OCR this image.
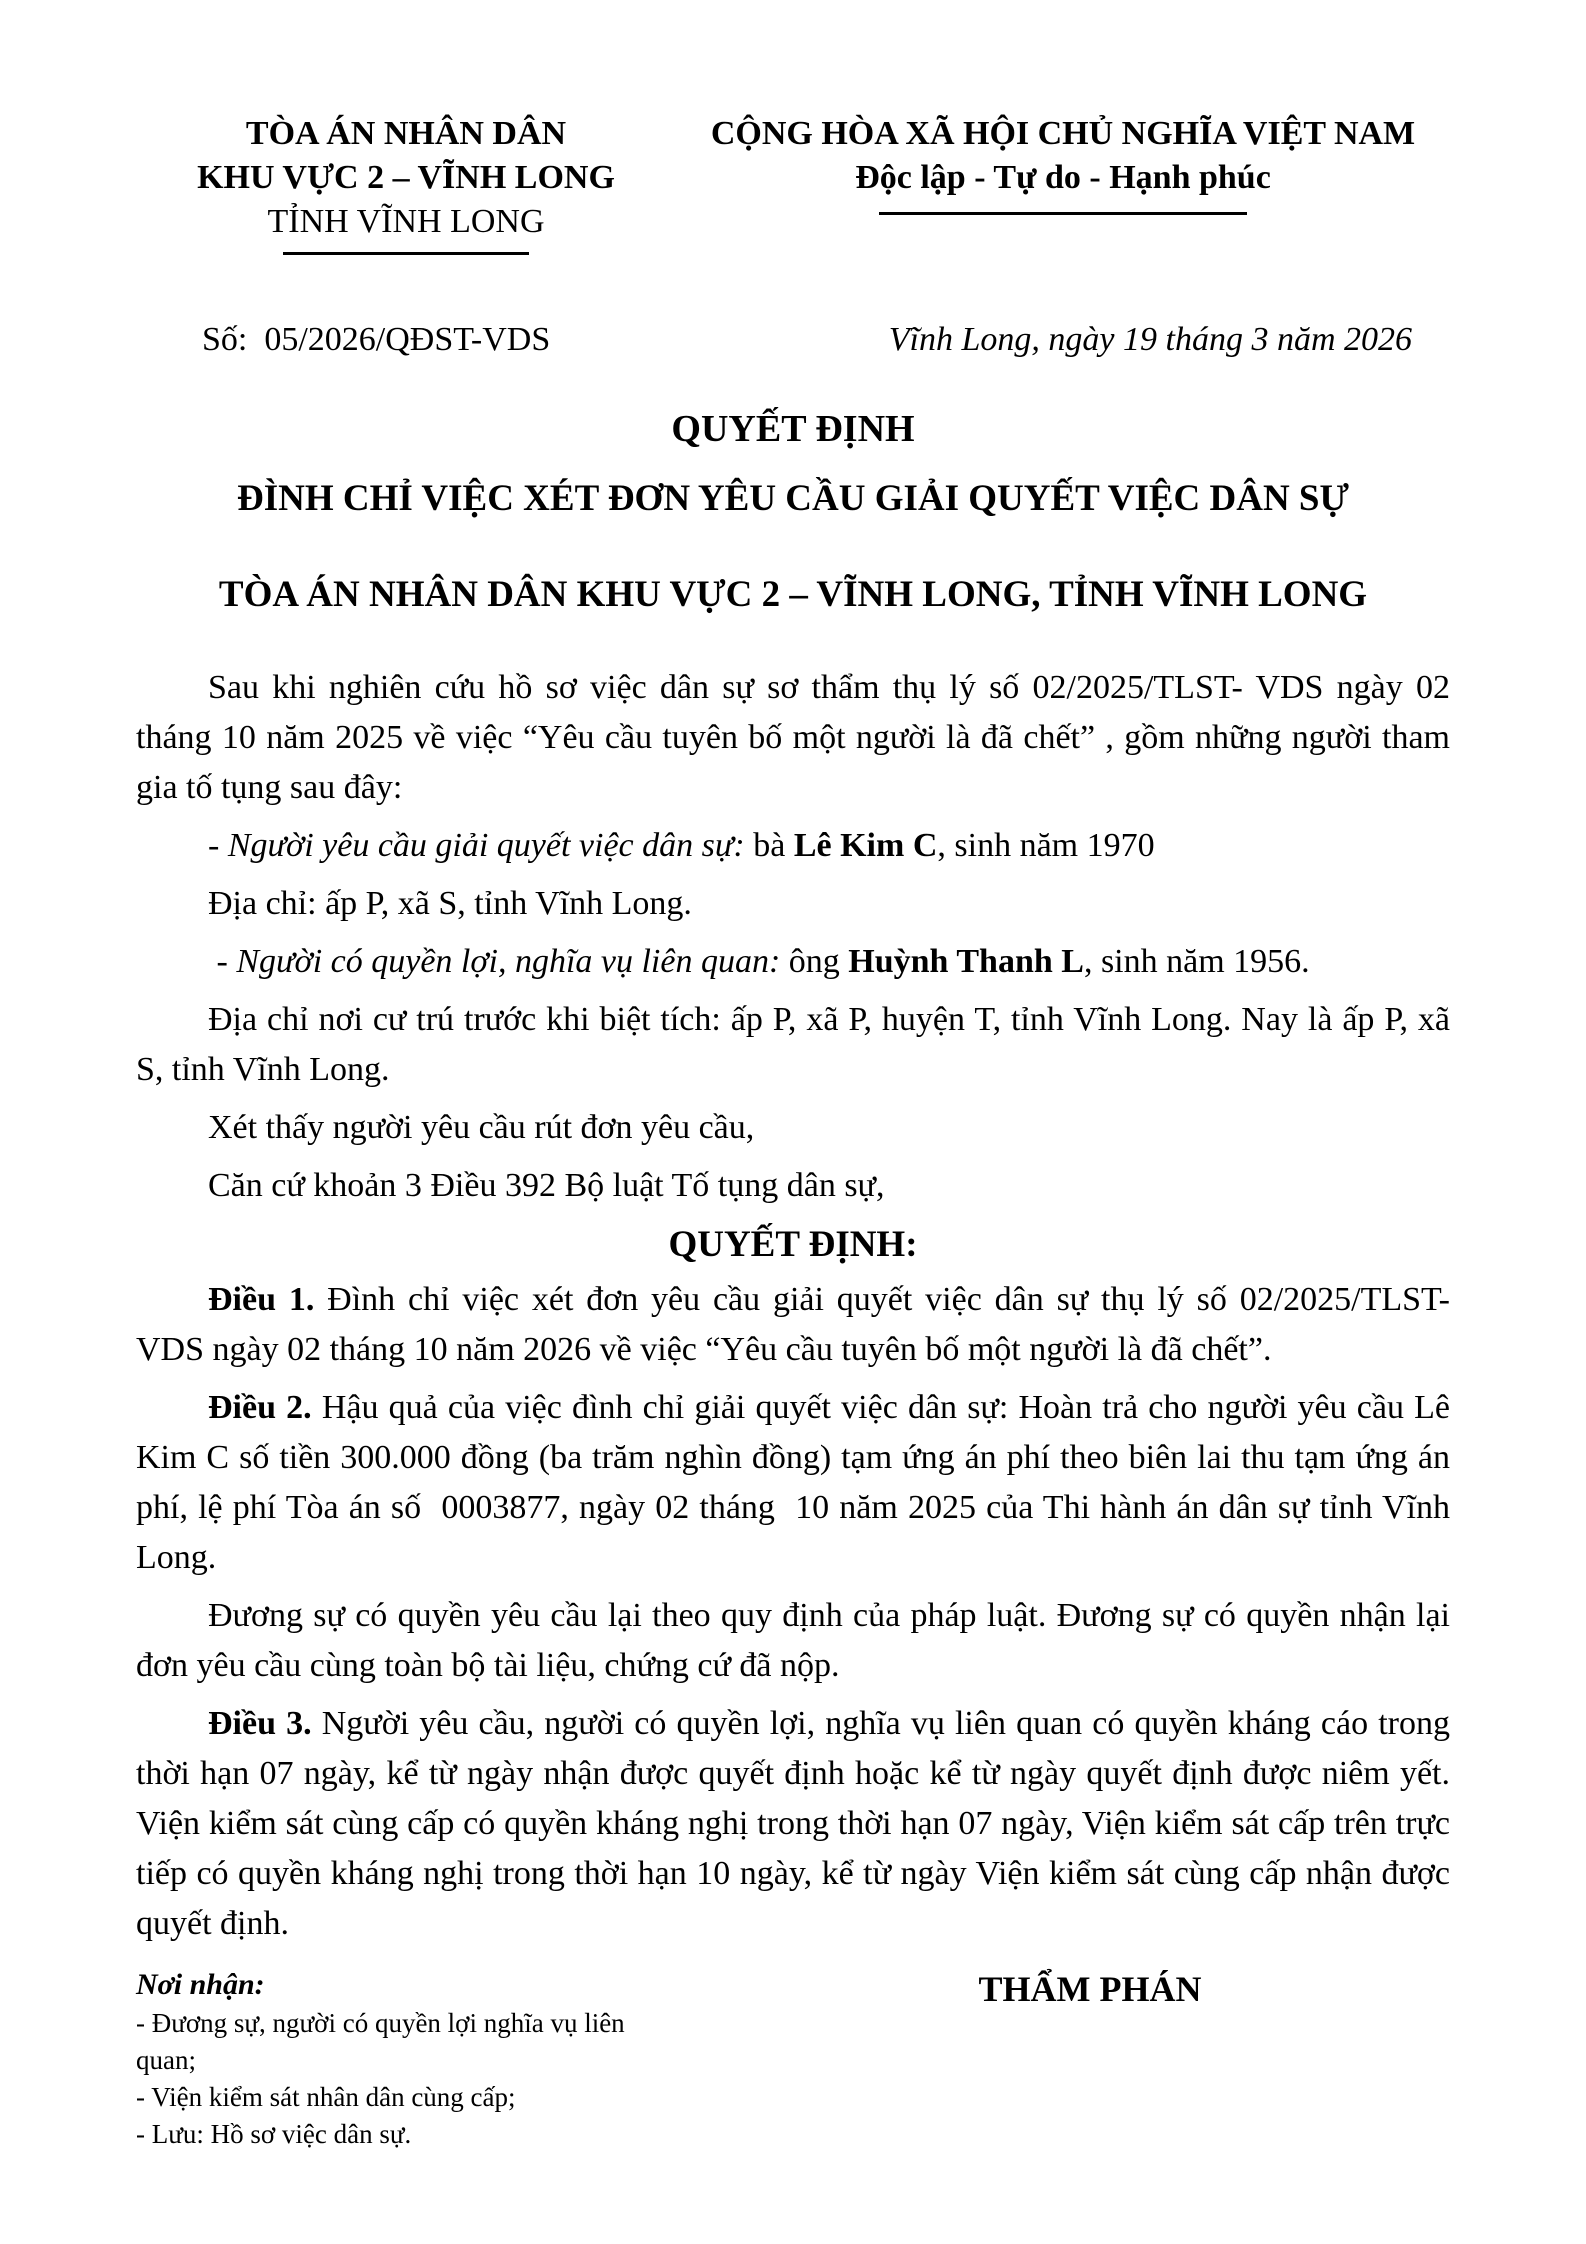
TÒA ÁN NHÂN DÂN
KHU VỰC 2 – VĨNH LONG
TỈNH VĨNH LONG
CỘNG HÒA XÃ HỘI CHỦ NGHĨA VIỆT NAM
Độc lập - Tự do - Hạnh phúc
Số:  05/2026/QĐST-VDS	Vĩnh Long, ngày 19 tháng 3 năm 2026
QUYẾT ĐỊNH
ĐÌNH CHỈ VIỆC XÉT ĐƠN YÊU CẦU GIẢI QUYẾT VIỆC DÂN SỰ
TÒA ÁN NHÂN DÂN KHU VỰC 2 – VĨNH LONG, TỈNH VĨNH LONG

Sau khi nghiên cứu hồ sơ việc dân sự sơ thẩm thụ lý số 02/2025/TLST- VDS ngày 02 tháng 10 năm 2025 về việc “Yêu cầu tuyên bố một người là đã chết” , gồm những người tham gia tố tụng sau đây:

- Người yêu cầu giải quyết việc dân sự: bà Lê Kim C, sinh năm 1970

Địa chỉ: ấp P, xã S, tỉnh Vĩnh Long.

- Người có quyền lợi, nghĩa vụ liên quan: ông Huỳnh Thanh L, sinh năm 1956.

Địa chỉ nơi cư trú trước khi biệt tích: ấp P, xã P, huyện T, tỉnh Vĩnh Long. Nay là ấp P, xã S, tỉnh Vĩnh Long.

Xét thấy người yêu cầu rút đơn yêu cầu,

Căn cứ khoản 3 Điều 392 Bộ luật Tố tụng dân sự,

QUYẾT ĐỊNH:

Điều 1. Đình chỉ việc xét đơn yêu cầu giải quyết việc dân sự thụ lý số 02/2025/TLST- VDS ngày 02 tháng 10 năm 2026 về việc “Yêu cầu tuyên bố một người là đã chết”.

Điều 2. Hậu quả của việc đình chỉ giải quyết việc dân sự: Hoàn trả cho người yêu cầu Lê Kim C số tiền 300.000 đồng (ba trăm nghìn đồng) tạm ứng án phí theo biên lai thu tạm ứng án phí, lệ phí Tòa án số  0003877, ngày 02 tháng  10 năm 2025 của Thi hành án dân sự tỉnh Vĩnh Long.

Đương sự có quyền yêu cầu lại theo quy định của pháp luật. Đương sự có quyền nhận lại đơn yêu cầu cùng toàn bộ tài liệu, chứng cứ đã nộp.

Điều 3. Người yêu cầu, người có quyền lợi, nghĩa vụ liên quan có quyền kháng cáo trong thời hạn 07 ngày, kể từ ngày nhận được quyết định hoặc kể từ ngày quyết định được niêm yết. Viện kiểm sát cùng cấp có quyền kháng nghị trong thời hạn 07 ngày, Viện kiểm sát cấp trên trực tiếp có quyền kháng nghị trong thời hạn 10 ngày, kể từ ngày Viện kiểm sát cùng cấp nhận được quyết định.

Nơi nhận:
- Đương sự, người có quyền lợi nghĩa vụ liên quan;
- Viện kiểm sát nhân dân cùng cấp;
- Lưu: Hồ sơ việc dân sự.
THẨM PHÁN
